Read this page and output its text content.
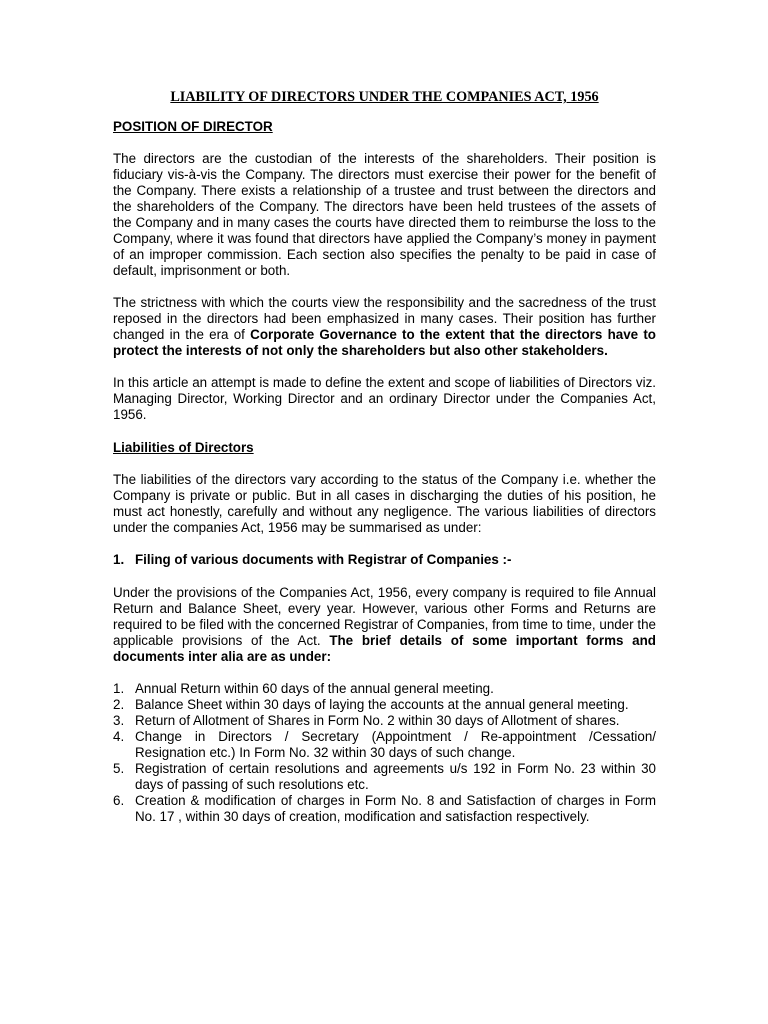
LIABILITY OF DIRECTORS UNDER THE COMPANIES ACT, 1956
POSITION OF DIRECTOR

The directors are the custodian of the interests of the shareholders. Their position is fiduciary vis-à-vis the Company. The directors must exercise their power for the benefit of the Company. There exists a relationship of a trustee and trust between the directors and the shareholders of the Company. The directors have been held trustees of the assets of the Company and in many cases the courts have directed them to reimburse the loss to the Company, where it was found that directors have applied the Company’s money in payment of an improper commission. Each section also specifies the penalty to be paid in case of default, imprisonment or both.

The strictness with which the courts view the responsibility and the sacredness of the trust reposed in the directors had been emphasized in many cases. Their position has further changed in the era of Corporate Governance to the extent that the directors have to protect the interests of not only the shareholders but also other stakeholders.

In this article an attempt is made to define the extent and scope of liabilities of Directors viz. Managing Director, Working Director and an ordinary Director under the Companies Act, 1956.

Liabilities of Directors

The liabilities of the directors vary according to the status of the Company i.e. whether the Company is private or public. But in all cases in discharging the duties of his position, he must act honestly, carefully and without any negligence. The various liabilities of directors under the companies Act, 1956 may be summarised as under:

1. Filing of various documents with Registrar of Companies :-

Under the provisions of the Companies Act, 1956, every company is required to file Annual Return and Balance Sheet, every year. However, various other Forms and Returns are required to be filed with the concerned Registrar of Companies, from time to time, under the applicable provisions of the Act. The brief details of some important forms and documents inter alia are as under:

1. Annual Return within 60 days of the annual general meeting.
2. Balance Sheet within 30 days of laying the accounts at the annual general meeting.
3. Return of Allotment of Shares in Form No. 2 within 30 days of Allotment of shares.
4. Change in Directors / Secretary (Appointment / Re-appointment /Cessation/ Resignation etc.) In Form No. 32 within 30 days of such change.
5. Registration of certain resolutions and agreements u/s 192 in Form No. 23 within 30 days of passing of such resolutions etc.
6. Creation & modification of charges in Form No. 8 and Satisfaction of charges in Form No. 17 , within 30 days of creation, modification and satisfaction respectively.
